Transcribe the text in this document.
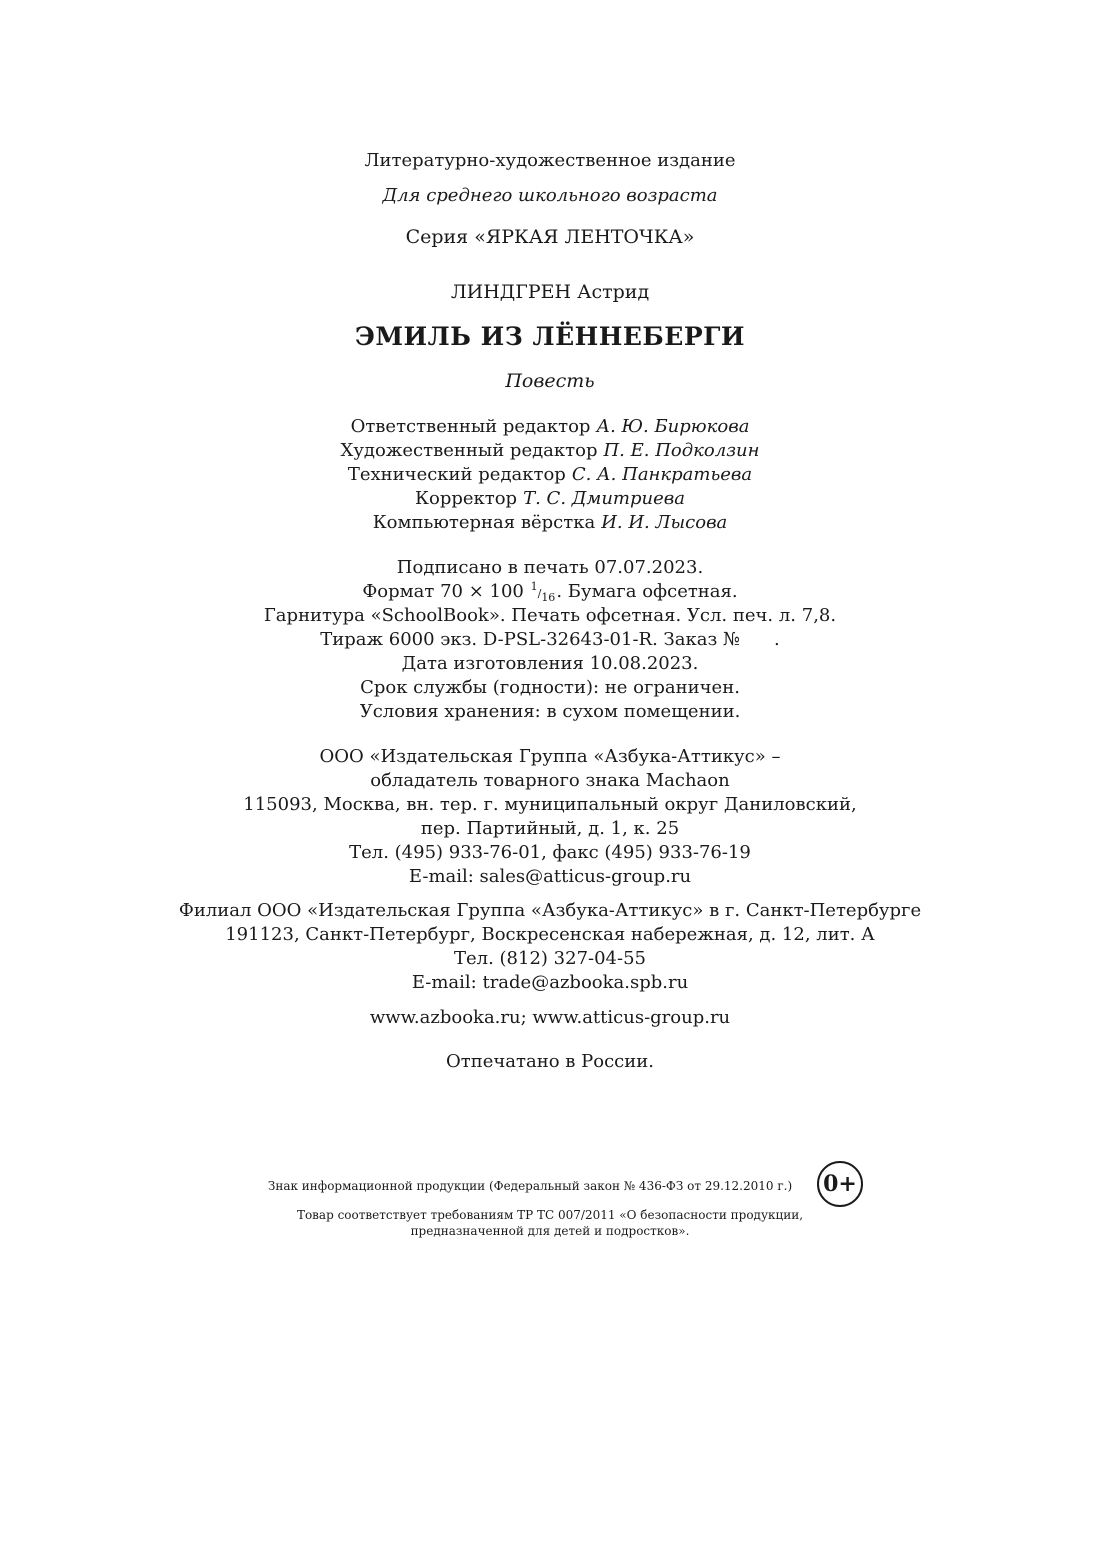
Литературно-художественное издание
Для среднего школьного возраста
Серия «ЯРКАЯ ЛЕНТОЧКА»
ЛИНДГРЕН Астрид
ЭМИЛЬ ИЗ ЛЁННЕБЕРГИ
Повесть
Ответственный редактор А. Ю. Бирюкова
Художественный редактор П. Е. Подколзин
Технический редактор С. А. Панкратьева
Корректор Т. С. Дмитриева
Компьютерная вёрстка И. И. Лысова
Подписано в печать 07.07.2023.
Формат 70 × 100 1/16. Бумага офсетная.
Гарнитура «SchoolBook». Печать офсетная. Усл. печ. л. 7,8.
Тираж 6000 экз. D-PSL-32643-01-R. Заказ № .
Дата изготовления 10.08.2023.
Срок службы (годности): не ограничен.
Условия хранения: в сухом помещении.
ООО «Издательская Группа «Азбука-Аттикус» –
обладатель товарного знака Machaon
115093, Москва, вн. тер. г. муниципальный округ Даниловский,
пер. Партийный, д. 1, к. 25
Тел. (495) 933-76-01, факс (495) 933-76-19
E-mail: sales@atticus-group.ru
Филиал ООО «Издательская Группа «Азбука-Аттикус» в г. Санкт-Петербурге
191123, Санкт-Петербург, Воскресенская набережная, д. 12, лит. А
Тел. (812) 327-04-55
E-mail: trade@azbooka.spb.ru
www.azbooka.ru; www.atticus-group.ru
Отпечатано в России.
Знак информационной продукции (Федеральный закон № 436-ФЗ от 29.12.2010 г.)	0+
Товар соответствует требованиям ТР ТС 007/2011 «О безопасности продукции,
предназначенной для детей и подростков».
